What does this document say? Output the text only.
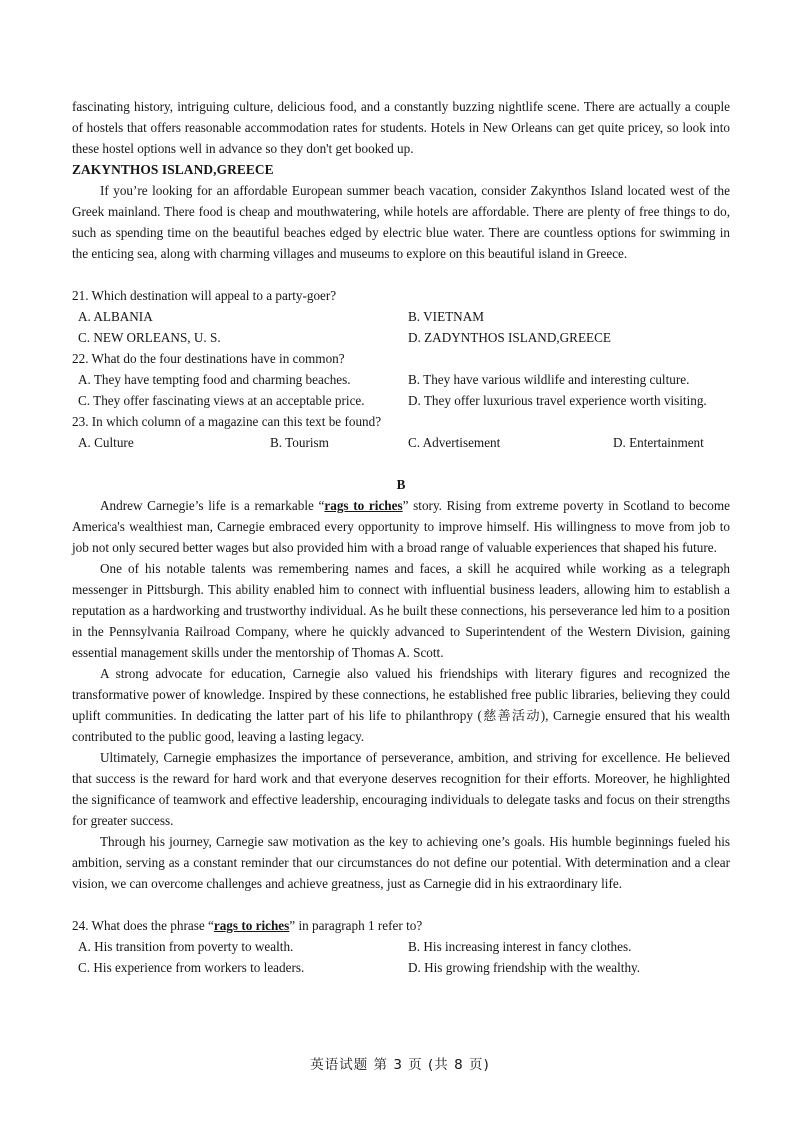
fascinating history, intriguing culture, delicious food, and a constantly buzzing nightlife scene. There are actually a couple of hostels that offers reasonable accommodation rates for students. Hotels in New Orleans can get quite pricey, so look into these hostel options well in advance so they don't get booked up.

ZAKYNTHOS ISLAND,GREECE

If you’re looking for an affordable European summer beach vacation, consider Zakynthos Island located west of the Greek mainland. There food is cheap and mouthwatering, while hotels are affordable. There are plenty of free things to do, such as spending time on the beautiful beaches edged by electric blue water. There are countless options for swimming in the enticing sea, along with charming villages and museums to explore on this beautiful island in Greece.

21. Which destination will appeal to a party-goer?

A. ALBANIA	B. VIETNAM
C. NEW ORLEANS, U. S.	D. ZADYNTHOS ISLAND,GREECE

22. What do the four destinations have in common?

A. They have tempting food and charming beaches.	B. They have various wildlife and interesting culture.
C. They offer fascinating views at an acceptable price.	D. They offer luxurious travel experience worth visiting.

23. In which column of a magazine can this text be found?

A. Culture	B. Tourism	C. Advertisement	D. Entertainment

B

Andrew Carnegie’s life is a remarkable “rags to riches” story. Rising from extreme poverty in Scotland to become America's wealthiest man, Carnegie embraced every opportunity to improve himself. His willingness to move from job to job not only secured better wages but also provided him with a broad range of valuable experiences that shaped his future.

One of his notable talents was remembering names and faces, a skill he acquired while working as a telegraph messenger in Pittsburgh. This ability enabled him to connect with influential business leaders, allowing him to establish a reputation as a hardworking and trustworthy individual. As he built these connections, his perseverance led him to a position in the Pennsylvania Railroad Company, where he quickly advanced to Superintendent of the Western Division, gaining essential management skills under the mentorship of Thomas A. Scott.

A strong advocate for education, Carnegie also valued his friendships with literary figures and recognized the transformative power of knowledge. Inspired by these connections, he established free public libraries, believing they could uplift communities. In dedicating the latter part of his life to philanthropy (慈善活动), Carnegie ensured that his wealth contributed to the public good, leaving a lasting legacy.

Ultimately, Carnegie emphasizes the importance of perseverance, ambition, and striving for excellence. He believed that success is the reward for hard work and that everyone deserves recognition for their efforts. Moreover, he highlighted the significance of teamwork and effective leadership, encouraging individuals to delegate tasks and focus on their strengths for greater success.

Through his journey, Carnegie saw motivation as the key to achieving one’s goals. His humble beginnings fueled his ambition, serving as a constant reminder that our circumstances do not define our potential. With determination and a clear vision, we can overcome challenges and achieve greatness, just as Carnegie did in his extraordinary life.

24. What does the phrase “rags to riches” in paragraph 1 refer to?

A. His transition from poverty to wealth.	B. His increasing interest in fancy clothes.
C. His experience from workers to leaders.	D. His growing friendship with the wealthy.
英语试题 第 3 页 (共 8 页)
